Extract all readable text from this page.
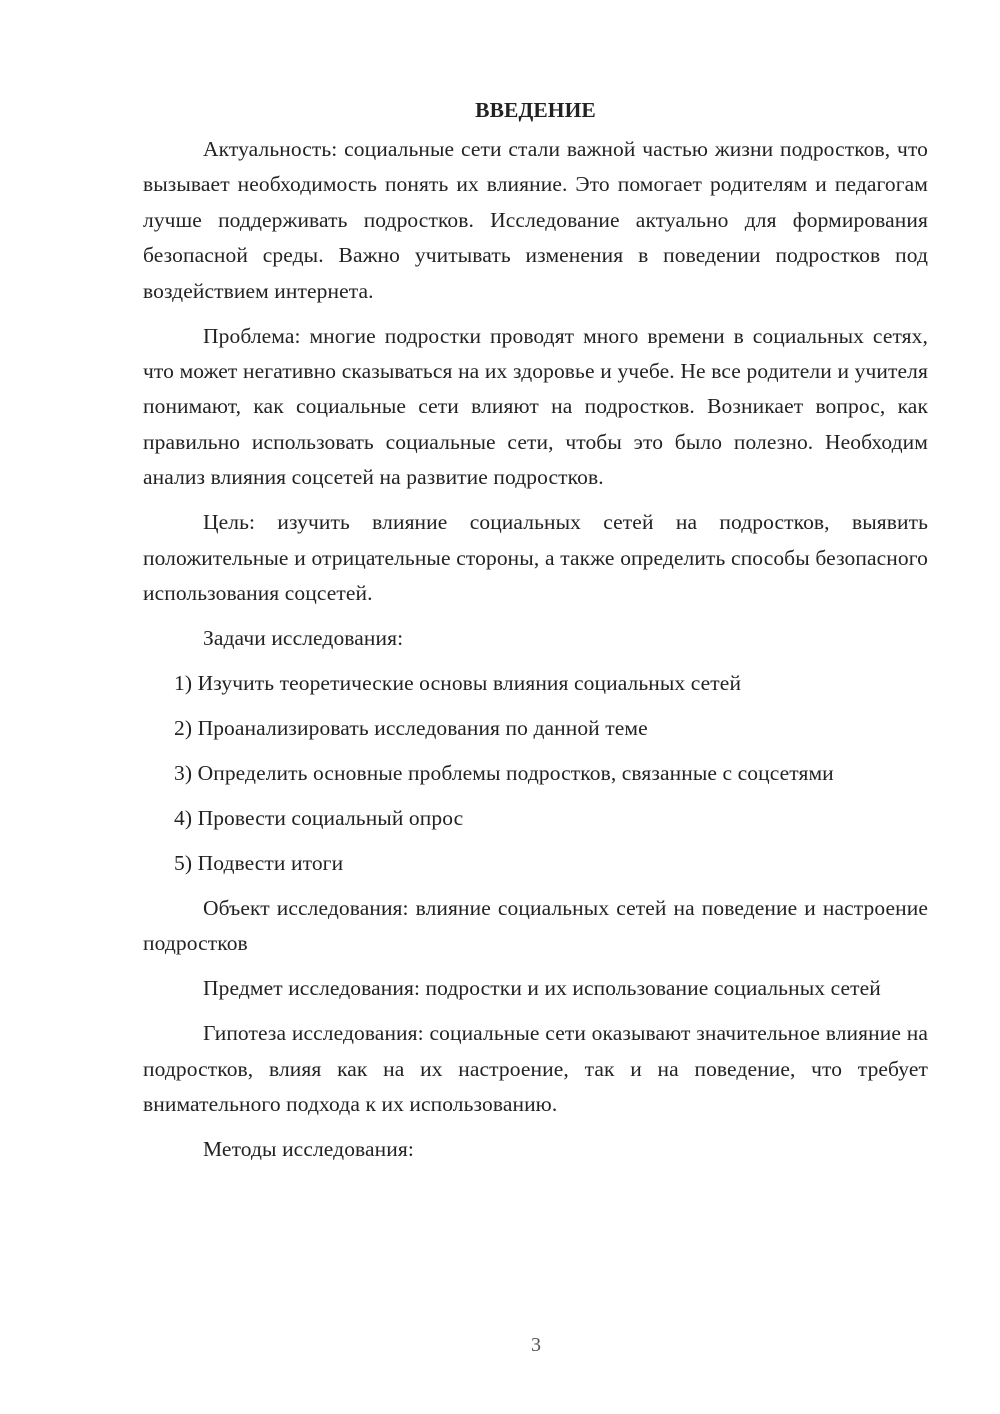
ВВЕДЕНИЕ

Актуальность: социальные сети стали важной частью жизни подростков, что вызывает необходимость понять их влияние. Это помогает родителям и педагогам лучше поддерживать подростков. Исследование актуально для формирования безопасной среды. Важно учитывать изменения в поведении подростков под воздействием интернета.

Проблема: многие подростки проводят много времени в социальных сетях, что может негативно сказываться на их здоровье и учебе. Не все родители и учителя понимают, как социальные сети влияют на подростков. Возникает вопрос, как правильно использовать социальные сети, чтобы это было полезно. Необходим анализ влияния соцсетей на развитие подростков.

Цель: изучить влияние социальных сетей на подростков, выявить положительные и отрицательные стороны, а также определить способы безопасного использования соцсетей.

Задачи исследования:

1) Изучить теоретические основы влияния социальных сетей

2) Проанализировать исследования по данной теме

3) Определить основные проблемы подростков, связанные с соцсетями

4) Провести социальный опрос

5) Подвести итоги

Объект исследования: влияние социальных сетей на поведение и настроение подростков

Предмет исследования: подростки и их использование социальных сетей

Гипотеза исследования: социальные сети оказывают значительное влияние на подростков, влияя как на их настроение, так и на поведение, что требует внимательного подхода к их использованию.

Методы исследования:

3
